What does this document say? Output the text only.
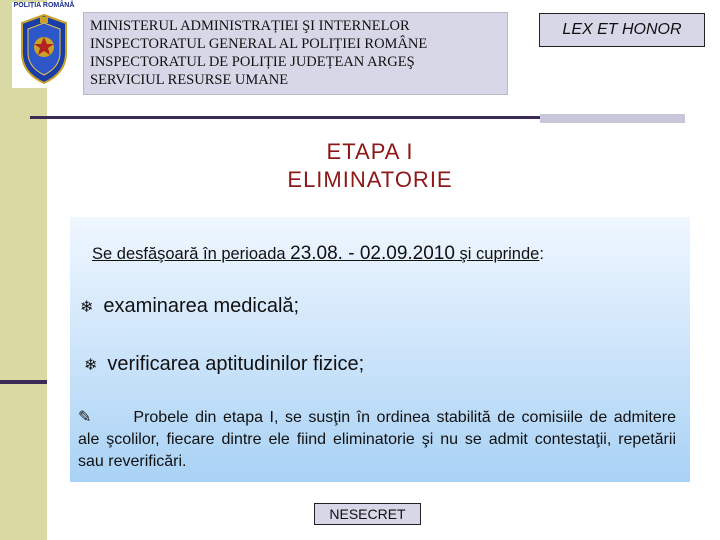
POLIȚIA ROMÂNĂ
MINISTERUL ADMINISTRAȚIEI ŞI INTERNELOR
INSPECTORATUL GENERAL AL POLIȚIEI ROMÂNE
INSPECTORATUL DE POLIȚIE JUDEȚEAN ARGEŞ
SERVICIUL RESURSE UMANE
LEX ET HONOR
ETAPA I
ELIMINATORIE
Se desfăşoară în perioada 23.08. - 02.09.2010 şi cuprinde:
❄ examinarea medicală;
❄ verificarea aptitudinilor fizice;
✎	Probele din etapa I, se susţin în ordinea stabilită de comisiile de admitere ale şcolilor, fiecare dintre ele fiind eliminatorie şi nu se admit contestaţii, repetării sau reverificări.
NESECRET
